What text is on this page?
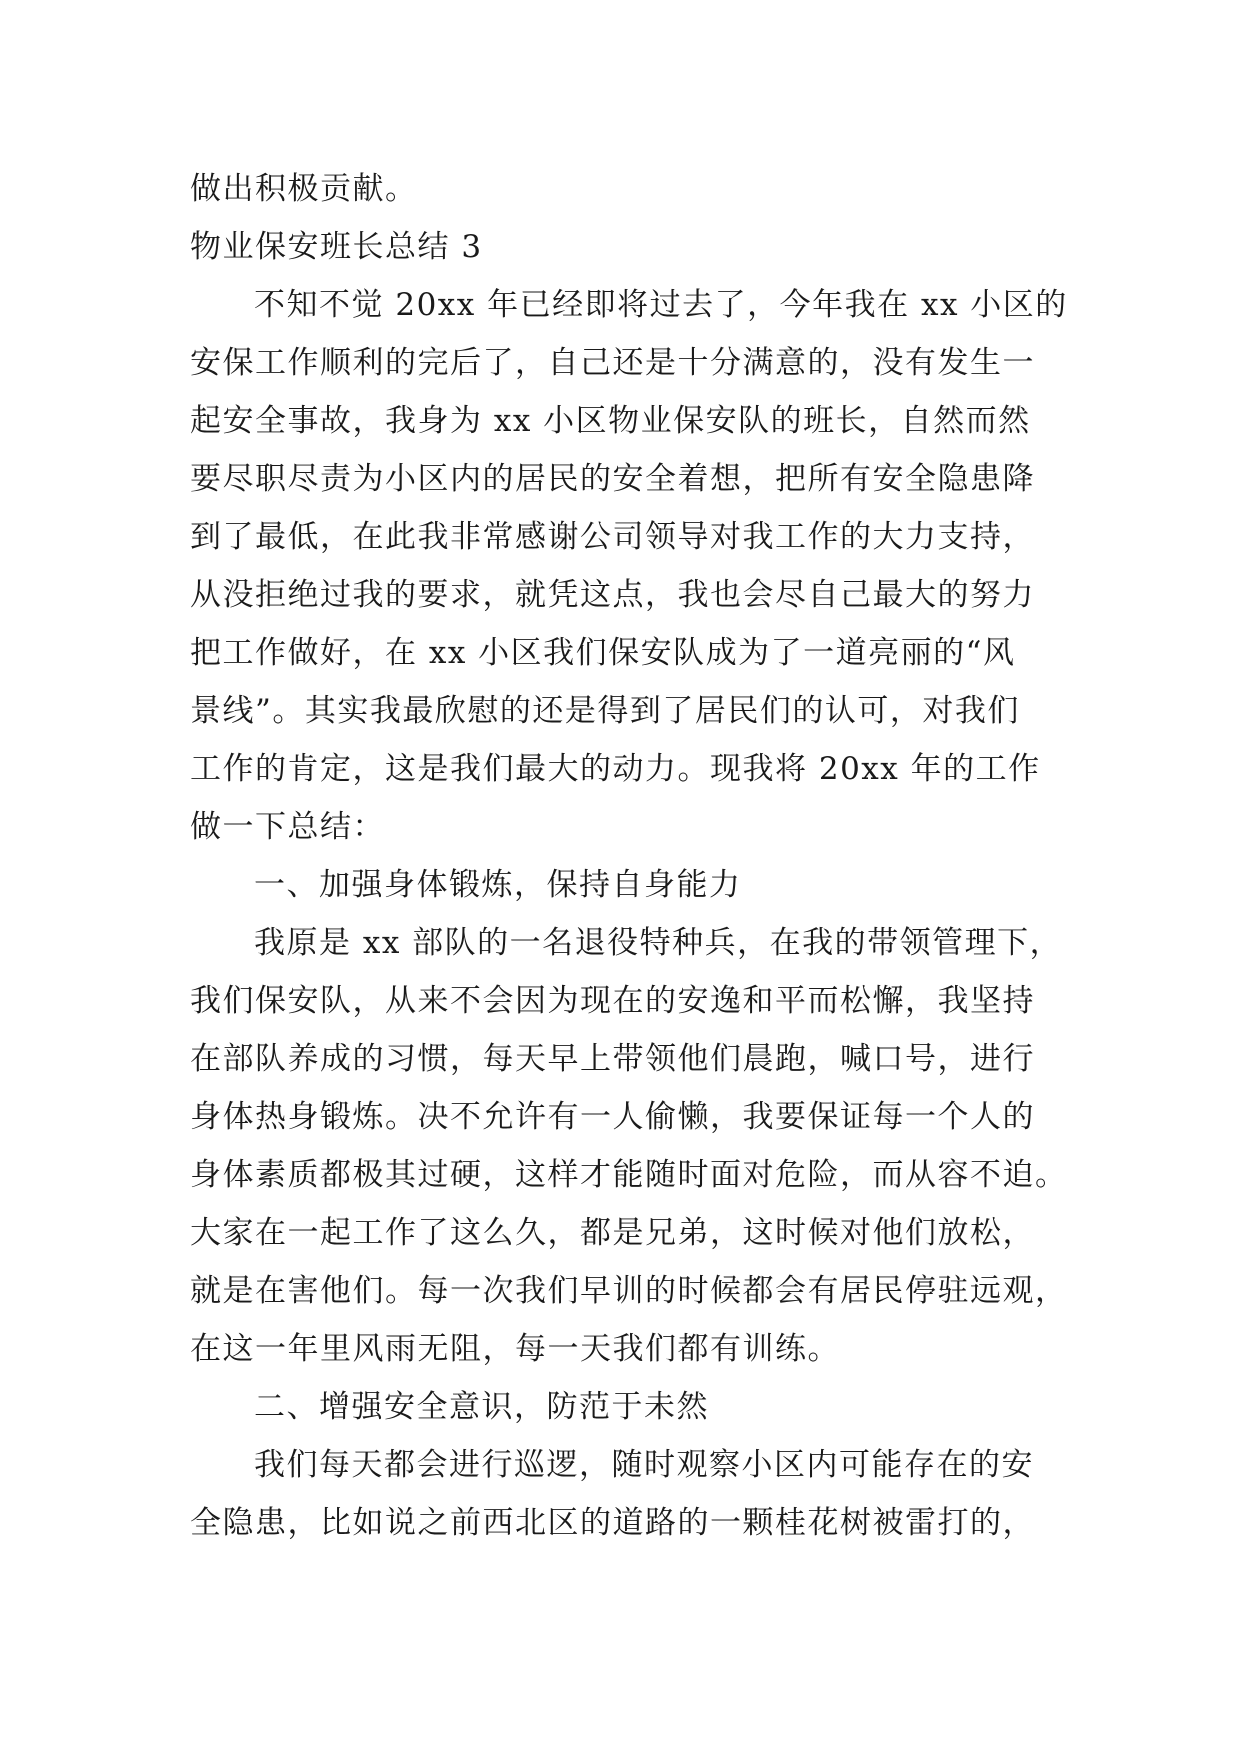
做出积极贡献。
物业保安班长总结 3
不知不觉 20xx 年已经即将过去了，今年我在 xx 小区的
安保工作顺利的完后了，自己还是十分满意的，没有发生一
起安全事故，我身为 xx 小区物业保安队的班长，自然而然
要尽职尽责为小区内的居民的安全着想，把所有安全隐患降
到了最低，在此我非常感谢公司领导对我工作的大力支持，
从没拒绝过我的要求，就凭这点，我也会尽自己最大的努力
把工作做好，在 xx 小区我们保安队成为了一道亮丽的“风
景线”。其实我最欣慰的还是得到了居民们的认可，对我们
工作的肯定，这是我们最大的动力。现我将 20xx 年的工作
做一下总结：
一、加强身体锻炼，保持自身能力
我原是 xx 部队的一名退役特种兵，在我的带领管理下，
我们保安队，从来不会因为现在的安逸和平而松懈，我坚持
在部队养成的习惯，每天早上带领他们晨跑，喊口号，进行
身体热身锻炼。决不允许有一人偷懒，我要保证每一个人的
身体素质都极其过硬，这样才能随时面对危险，而从容不迫。
大家在一起工作了这么久，都是兄弟，这时候对他们放松，
就是在害他们。每一次我们早训的时候都会有居民停驻远观，
在这一年里风雨无阻，每一天我们都有训练。
二、增强安全意识，防范于未然
我们每天都会进行巡逻，随时观察小区内可能存在的安
全隐患，比如说之前西北区的道路的一颗桂花树被雷打的，
